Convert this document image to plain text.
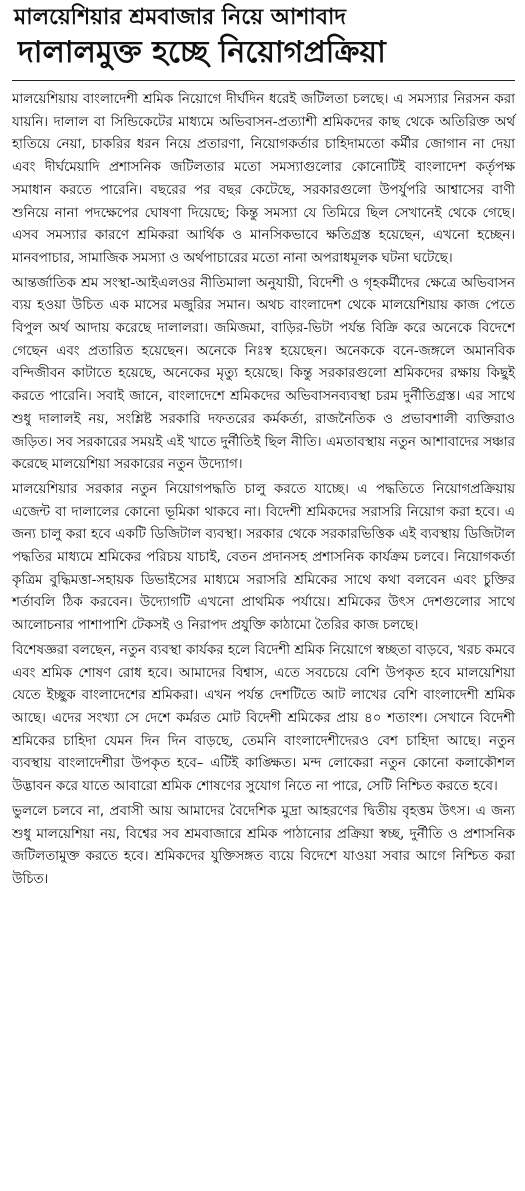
মালয়েশিয়ার শ্রমবাজার নিয়ে আশাবাদ
দালালমুক্ত হচ্ছে নিয়োগপ্রক্রিয়া

মালয়েশিয়ায় বাংলাদেশী শ্রমিক নিয়োগে দীর্ঘদিন ধরেই জটিলতা চলছে। এ সমস্যার নিরসন করা যায়নি। দালাল বা সিন্ডিকেটের মাধ্যমে অভিবাসন-প্রত্যাশী শ্রমিকদের কাছ থেকে অতিরিক্ত অর্থ হাতিয়ে নেয়া, চাকরির ধরন নিয়ে প্রতারণা, নিয়োগকর্তার চাহিদামতো কর্মীর জোগান না দেয়া এবং দীর্ঘমেয়াদি প্রশাসনিক জটিলতার মতো সমস্যাগুলোর কোনোটিই বাংলাদেশ কর্তৃপক্ষ সমাধান করতে পারেনি। বছরের পর বছর কেটেছে, সরকারগুলো উপর্যুপরি আশ্বাসের বাণী শুনিয়ে নানা পদক্ষেপের ঘোষণা দিয়েছে; কিন্তু সমস্যা যে তিমিরে ছিল সেখানেই থেকে গেছে। এসব সমস্যার কারণে শ্রমিকরা আর্থিক ও মানসিকভাবে ক্ষতিগ্রস্ত হয়েছেন, এখনো হচ্ছেন। মানবপাচার, সামাজিক সমস্যা ও অর্থপাচারের মতো নানা অপরাধমূলক ঘটনা ঘটেছে।

আন্তর্জাতিক শ্রম সংস্থা-আইএলওর নীতিমালা অনুযায়ী, বিদেশী ও গৃহকর্মীদের ক্ষেত্রে অভিবাসন ব্যয় হওয়া উচিত এক মাসের মজুরির সমান। অথচ বাংলাদেশ থেকে মালয়েশিয়ায় কাজ পেতে বিপুল অর্থ আদায় করেছে দালালরা। জমিজমা, বাড়ির-ভিটা পর্যন্ত বিক্রি করে অনেকে বিদেশে গেছেন এবং প্রতারিত হয়েছেন। অনেকে নিঃস্ব হয়েছেন। অনেককে বনে-জঙ্গলে অমানবিক বন্দিজীবন কাটাতে হয়েছে, অনেকের মৃত্যু হয়েছে। কিন্তু সরকারগুলো শ্রমিকদের রক্ষায় কিছুই করতে পারেনি। সবাই জানে, বাংলাদেশে শ্রমিকদের অভিবাসনব্যবস্থা চরম দুর্নীতিগ্রস্ত। এর সাথে শুধু দালালই নয়, সংশ্লিষ্ট সরকারি দফতরের কর্মকর্তা, রাজনৈতিক ও প্রভাবশালী ব্যক্তিরাও জড়িত। সব সরকারের সময়ই এই খাতে দুর্নীতিই ছিল নীতি। এমতাবস্থায় নতুন আশাবাদের সঞ্চার করেছে মালয়েশিয়া সরকারের নতুন উদ্যোগ।

মালয়েশিয়ার সরকার নতুন নিয়োগপদ্ধতি চালু করতে যাচ্ছে। এ পদ্ধতিতে নিয়োগপ্রক্রিয়ায় এজেন্ট বা দালালের কোনো ভূমিকা থাকবে না। বিদেশী শ্রমিকদের সরাসরি নিয়োগ করা হবে। এ জন্য চালু করা হবে একটি ডিজিটাল ব্যবস্থা। সরকার থেকে সরকারভিত্তিক এই ব্যবস্থায় ডিজিটাল পদ্ধতির মাধ্যমে শ্রমিকের পরিচয় যাচাই, বেতন প্রদানসহ প্রশাসনিক কার্যক্রম চলবে। নিয়োগকর্তা কৃত্রিম বুদ্ধিমত্তা-সহায়ক ডিভাইসের মাধ্যমে সরাসরি শ্রমিকের সাথে কথা বলবেন এবং চুক্তির শর্তাবলি ঠিক করবেন। উদ্যোগটি এখনো প্রাথমিক পর্যায়ে। শ্রমিকের উৎস দেশগুলোর সাথে আলোচনার পাশাপাশি টেকসই ও নিরাপদ প্রযুক্তি কাঠামো তৈরির কাজ চলছে।

বিশেষজ্ঞরা বলছেন, নতুন ব্যবস্থা কার্যকর হলে বিদেশী শ্রমিক নিয়োগে স্বচ্ছতা বাড়বে, খরচ কমবে এবং শ্রমিক শোষণ রোধ হবে। আমাদের বিশ্বাস, এতে সবচেয়ে বেশি উপকৃত হবে মালয়েশিয়া যেতে ইচ্ছুক বাংলাদেশের শ্রমিকরা। এখন পর্যন্ত দেশটিতে আট লাখের বেশি বাংলাদেশী শ্রমিক আছে। এদের সংখ্যা সে দেশে কর্মরত মোট বিদেশী শ্রমিকের প্রায় ৪০ শতাংশ। সেখানে বিদেশী শ্রমিকের চাহিদা যেমন দিন দিন বাড়ছে, তেমনি বাংলাদেশীদেরও বেশ চাহিদা আছে। নতুন ব্যবস্থায় বাংলাদেশীরা উপকৃত হবে– এটিই কাঙ্ক্ষিত। মন্দ লোকেরা নতুন কোনো কলাকৌশল উদ্ভাবন করে যাতে আবারো শ্রমিক শোষণের সুযোগ নিতে না পারে, সেটি নিশ্চিত করতে হবে।

ভুললে চলবে না, প্রবাসী আয় আমাদের বৈদেশিক মুদ্রা আহরণের দ্বিতীয় বৃহত্তম উৎস। এ জন্য শুধু মালয়েশিয়া নয়, বিশ্বের সব শ্রমবাজারে শ্রমিক পাঠানোর প্রক্রিয়া স্বচ্ছ, দুর্নীতি ও প্রশাসনিক জটিলতামুক্ত করতে হবে। শ্রমিকদের যুক্তিসঙ্গত ব্যয়ে বিদেশে যাওয়া সবার আগে নিশ্চিত করা উচিত।
